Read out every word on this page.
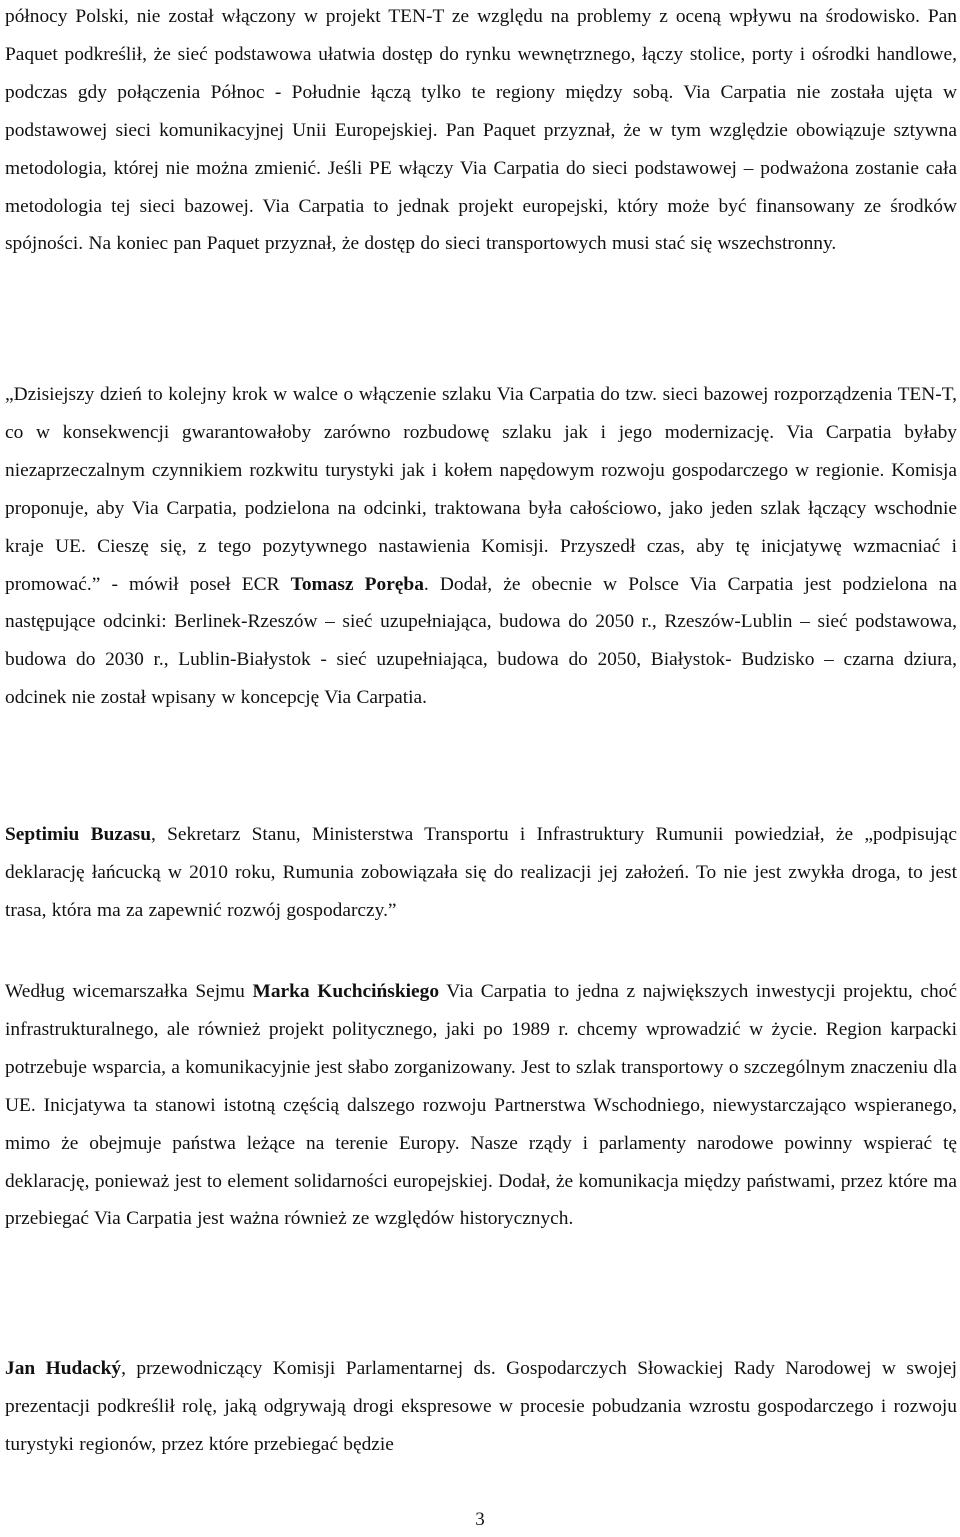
północy Polski, nie został włączony w projekt TEN-T ze względu na problemy z oceną wpływu na środowisko. Pan Paquet podkreślił, że sieć podstawowa ułatwia dostęp do rynku wewnętrznego, łączy stolice, porty i ośrodki handlowe, podczas gdy połączenia Północ - Południe łączą tylko te regiony między sobą. Via Carpatia nie została ujęta w podstawowej sieci komunikacyjnej Unii Europejskiej. Pan Paquet przyznał, że w tym względzie obowiązuje sztywna metodologia, której nie można zmienić. Jeśli PE włączy Via Carpatia do sieci podstawowej – podważona zostanie cała metodologia tej sieci bazowej. Via Carpatia to jednak projekt europejski, który może być finansowany ze środków spójności. Na koniec pan Paquet przyznał, że dostęp do sieci transportowych musi stać się wszechstronny.

„Dzisiejszy dzień to kolejny krok w walce o włączenie szlaku Via Carpatia do tzw. sieci bazowej rozporządzenia TEN-T, co w konsekwencji gwarantowałoby zarówno rozbudowę szlaku jak i jego modernizację. Via Carpatia byłaby niezaprzeczalnym czynnikiem rozkwitu turystyki jak i kołem napędowym rozwoju gospodarczego w regionie. Komisja proponuje, aby Via Carpatia, podzielona na odcinki, traktowana była całościowo, jako jeden szlak łączący wschodnie kraje UE. Cieszę się, z tego pozytywnego nastawienia Komisji. Przyszedł czas, aby tę inicjatywę wzmacniać i promować.” - mówił poseł ECR Tomasz Poręba. Dodał, że obecnie w Polsce Via Carpatia jest podzielona na następujące odcinki: Berlinek-Rzeszów – sieć uzupełniająca, budowa do 2050 r., Rzeszów-Lublin – sieć podstawowa, budowa do 2030 r., Lublin-Białystok - sieć uzupełniająca, budowa do 2050, Białystok- Budzisko – czarna dziura, odcinek nie został wpisany w koncepcję Via Carpatia.

Septimiu Buzasu, Sekretarz Stanu, Ministerstwa Transportu i Infrastruktury Rumunii powiedział, że „podpisując deklarację łańcucką w 2010 roku, Rumunia zobowiązała się do realizacji jej założeń. To nie jest zwykła droga, to jest trasa, która ma za zapewnić rozwój gospodarczy.”

Według wicemarszałka Sejmu Marka Kuchcińskiego Via Carpatia to jedna z największych inwestycji projektu, choć infrastrukturalnego, ale również projekt politycznego, jaki po 1989 r. chcemy wprowadzić w życie. Region karpacki potrzebuje wsparcia, a komunikacyjnie jest słabo zorganizowany. Jest to szlak transportowy o szczególnym znaczeniu dla UE. Inicjatywa ta stanowi istotną częścią dalszego rozwoju Partnerstwa Wschodniego, niewystarczająco wspieranego, mimo że obejmuje państwa leżące na terenie Europy. Nasze rządy i parlamenty narodowe powinny wspierać tę deklarację, ponieważ jest to element solidarności europejskiej. Dodał, że komunikacja między państwami, przez które ma przebiegać Via Carpatia jest ważna również ze względów historycznych.

Jan Hudacký, przewodniczący Komisji Parlamentarnej ds. Gospodarczych Słowackiej Rady Narodowej w swojej prezentacji podkreślił rolę, jaką odgrywają drogi ekspresowe w procesie pobudzania wzrostu gospodarczego i rozwoju turystyki regionów, przez które przebiegać będzie

3
